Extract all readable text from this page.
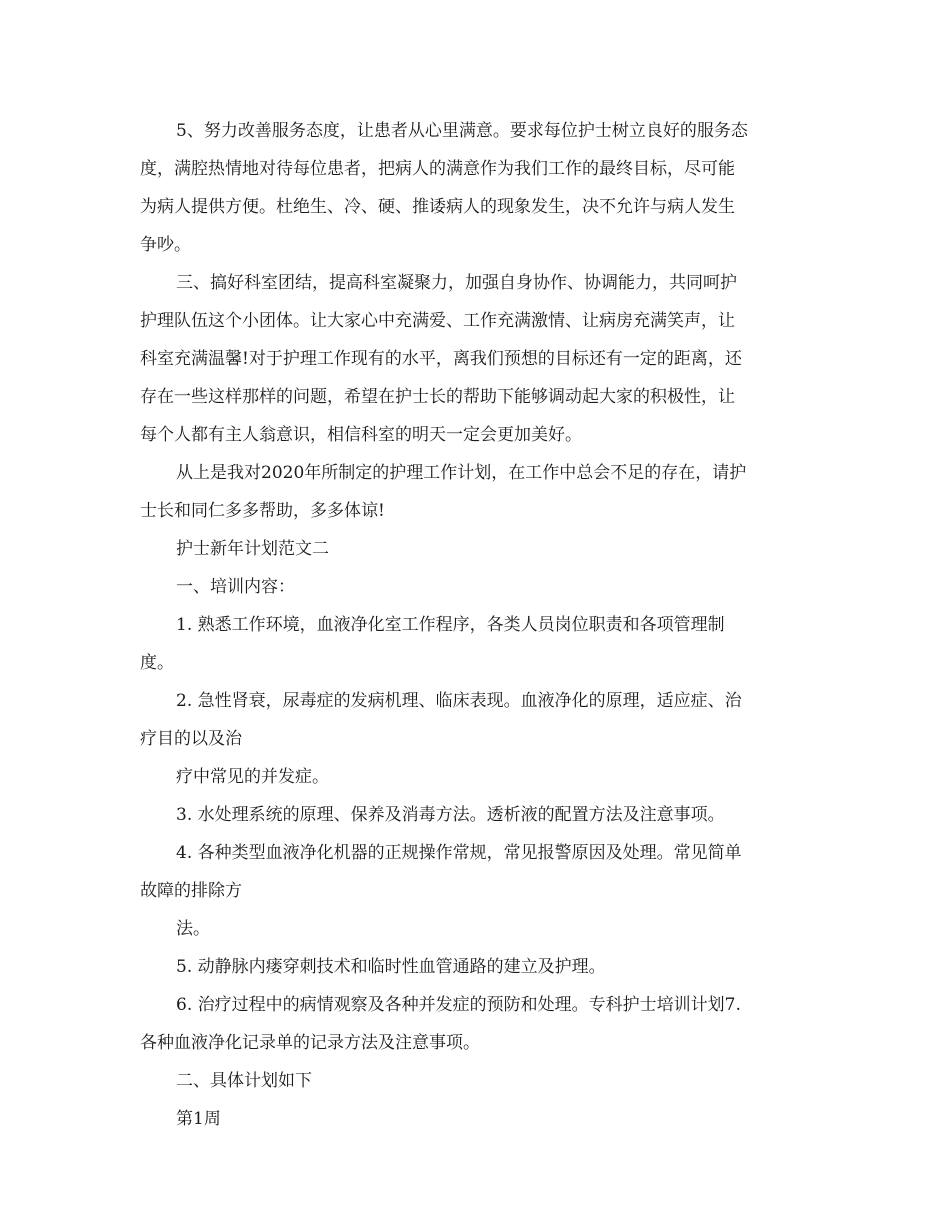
5、努力改善服务态度，让患者从心里满意。要求每位护士树立良好的服务态
度，满腔热情地对待每位患者，把病人的满意作为我们工作的最终目标，尽可能
为病人提供方便。杜绝生、冷、硬、推诿病人的现象发生，决不允许与病人发生
争吵。
三、搞好科室团结，提高科室凝聚力，加强自身协作、协调能力，共同呵护
护理队伍这个小团体。让大家心中充满爱、工作充满激情、让病房充满笑声，让
科室充满温馨!对于护理工作现有的水平，离我们预想的目标还有一定的距离，还
存在一些这样那样的问题，希望在护士长的帮助下能够调动起大家的积极性，让
每个人都有主人翁意识，相信科室的明天一定会更加美好。
从上是我对2020年所制定的护理工作计划，在工作中总会不足的存在，请护
士长和同仁多多帮助，多多体谅!
护士新年计划范文二
一、培训内容：
1. 熟悉工作环境，血液净化室工作程序，各类人员岗位职责和各项管理制
度。
2. 急性肾衰，尿毒症的发病机理、临床表现。血液净化的原理，适应症、治
疗目的以及治
疗中常见的并发症。
3. 水处理系统的原理、保养及消毒方法。透析液的配置方法及注意事项。
4. 各种类型血液净化机器的正规操作常规，常见报警原因及处理。常见简单
故障的排除方
法。
5. 动静脉内瘘穿刺技术和临时性血管通路的建立及护理。
6. 治疗过程中的病情观察及各种并发症的预防和处理。专科护士培训计划7.
各种血液净化记录单的记录方法及注意事项。
二、具体计划如下
第1周
